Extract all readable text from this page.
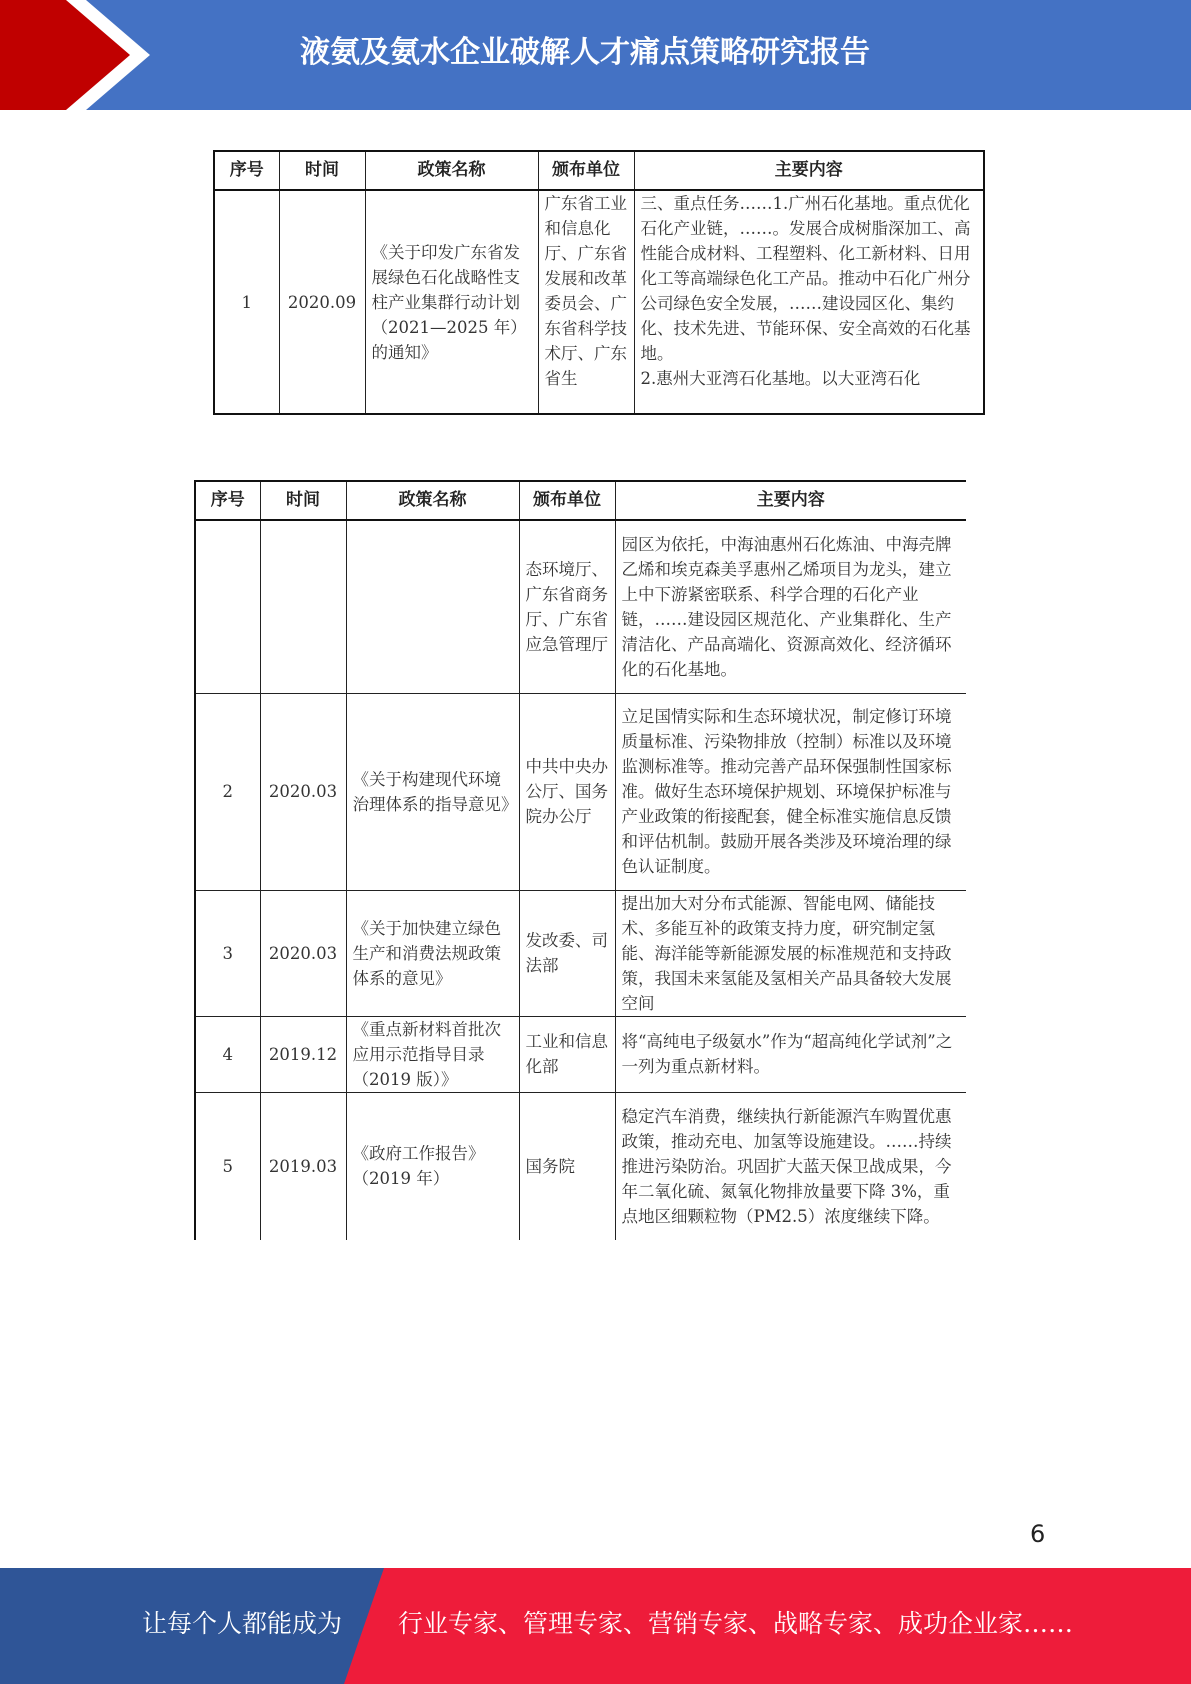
液氨及氨水企业破解人才痛点策略研究报告
序号	时间	政策名称	颁布单位	主要内容
1	2020.09	《关于印发广东省发展绿色石化战略性支柱产业集群行动计划（2021—2025 年）的通知》	广东省工业和信息化厅、广东省发展和改革委员会、广东省科学技术厅、广东省生	三、重点任务……1.广州石化基地。重点优化石化产业链，……。发展合成树脂深加工、高性能合成材料、工程塑料、化工新材料、日用化工等高端绿色化工产品。推动中石化广州分公司绿色安全发展，……建设园区化、集约化、技术先进、节能环保、安全高效的石化基地。
2.惠州大亚湾石化基地。以大亚湾石化
序号	时间	政策名称	颁布单位	主要内容
			态环境厅、广东省商务厅、广东省应急管理厅	园区为依托，中海油惠州石化炼油、中海壳牌乙烯和埃克森美孚惠州乙烯项目为龙头，建立上中下游紧密联系、科学合理的石化产业链，……建设园区规范化、产业集群化、生产清洁化、产品高端化、资源高效化、经济循环化的石化基地。
2	2020.03	《关于构建现代环境治理体系的指导意见》	中共中央办公厅、国务院办公厅	立足国情实际和生态环境状况，制定修订环境质量标准、污染物排放（控制）标准以及环境监测标准等。推动完善产品环保强制性国家标准。做好生态环境保护规划、环境保护标准与产业政策的衔接配套，健全标准实施信息反馈和评估机制。鼓励开展各类涉及环境治理的绿色认证制度。
3	2020.03	《关于加快建立绿色生产和消费法规政策体系的意见》	发改委、司法部	提出加大对分布式能源、智能电网、储能技术、多能互补的政策支持力度，研究制定氢能、海洋能等新能源发展的标准规范和支持政策，我国未来氢能及氢相关产品具备较大发展空间
4	2019.12	《重点新材料首批次应用示范指导目录（2019 版）》	工业和信息化部	将“高纯电子级氨水”作为“超高纯化学试剂”之一列为重点新材料。
5	2019.03	《政府工作报告》（2019 年）	国务院	稳定汽车消费，继续执行新能源汽车购置优惠政策，推动充电、加氢等设施建设。……持续推进污染防治。巩固扩大蓝天保卫战成果，今年二氧化硫、氮氧化物排放量要下降 3%，重点地区细颗粒物（PM2.5）浓度继续下降。

6
让每个人都能成为 行业专家、管理专家、营销专家、战略专家、成功企业家……
